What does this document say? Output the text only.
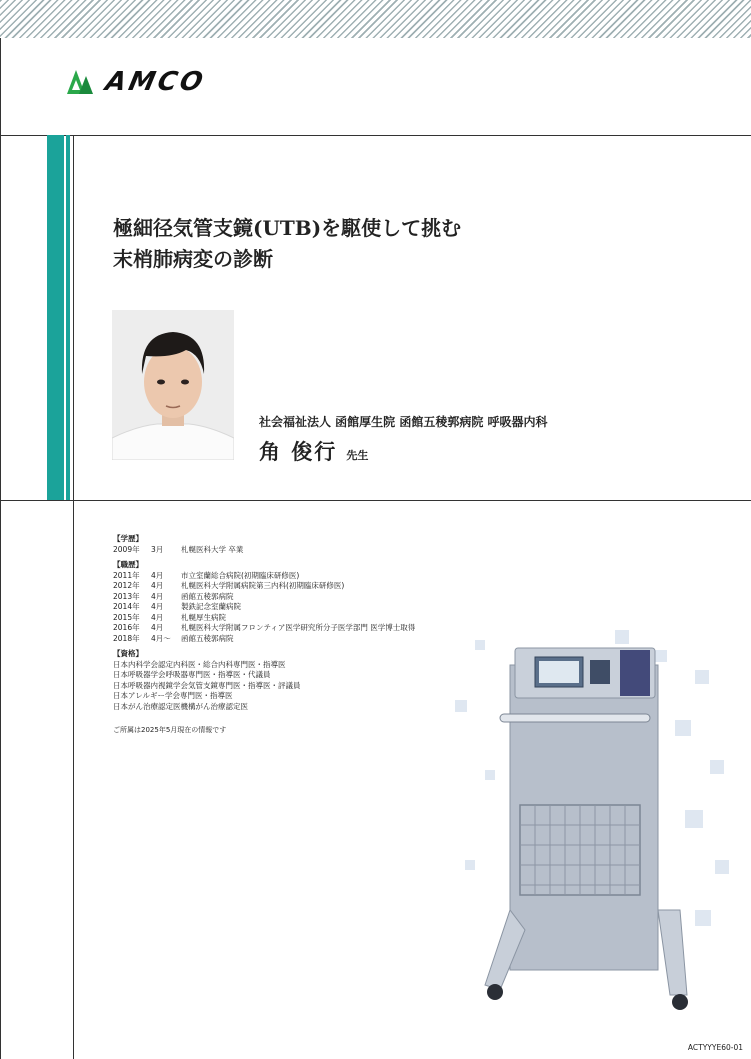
AMCO
極細径気管支鏡(UTB)を駆使して挑む
末梢肺病変の診断
社会福祉法人 函館厚生院 函館五稜郭病院 呼吸器内科
角 俊行 先生
【学歴】
2009年	3月	札幌医科大学 卒業
【職歴】
2011年	4月	市立室蘭総合病院(初期臨床研修医)
2012年	4月	札幌医科大学附属病院第三内科(初期臨床研修医)
2013年	4月	函館五稜郭病院
2014年	4月	製鉄記念室蘭病院
2015年	4月	札幌厚生病院
2016年	4月	札幌医科大学附属フロンティア医学研究所分子医学部門 医学博士取得
2018年	4月〜	函館五稜郭病院
【資格】
日本内科学会認定内科医・総合内科専門医・指導医
日本呼吸器学会呼吸器専門医・指導医・代議員
日本呼吸器内視鏡学会気管支鏡専門医・指導医・評議員
日本アレルギー学会専門医・指導医
日本がん治療認定医機構がん治療認定医
ご所属は2025年5月現在の情報です
ACTYYYE60-01
